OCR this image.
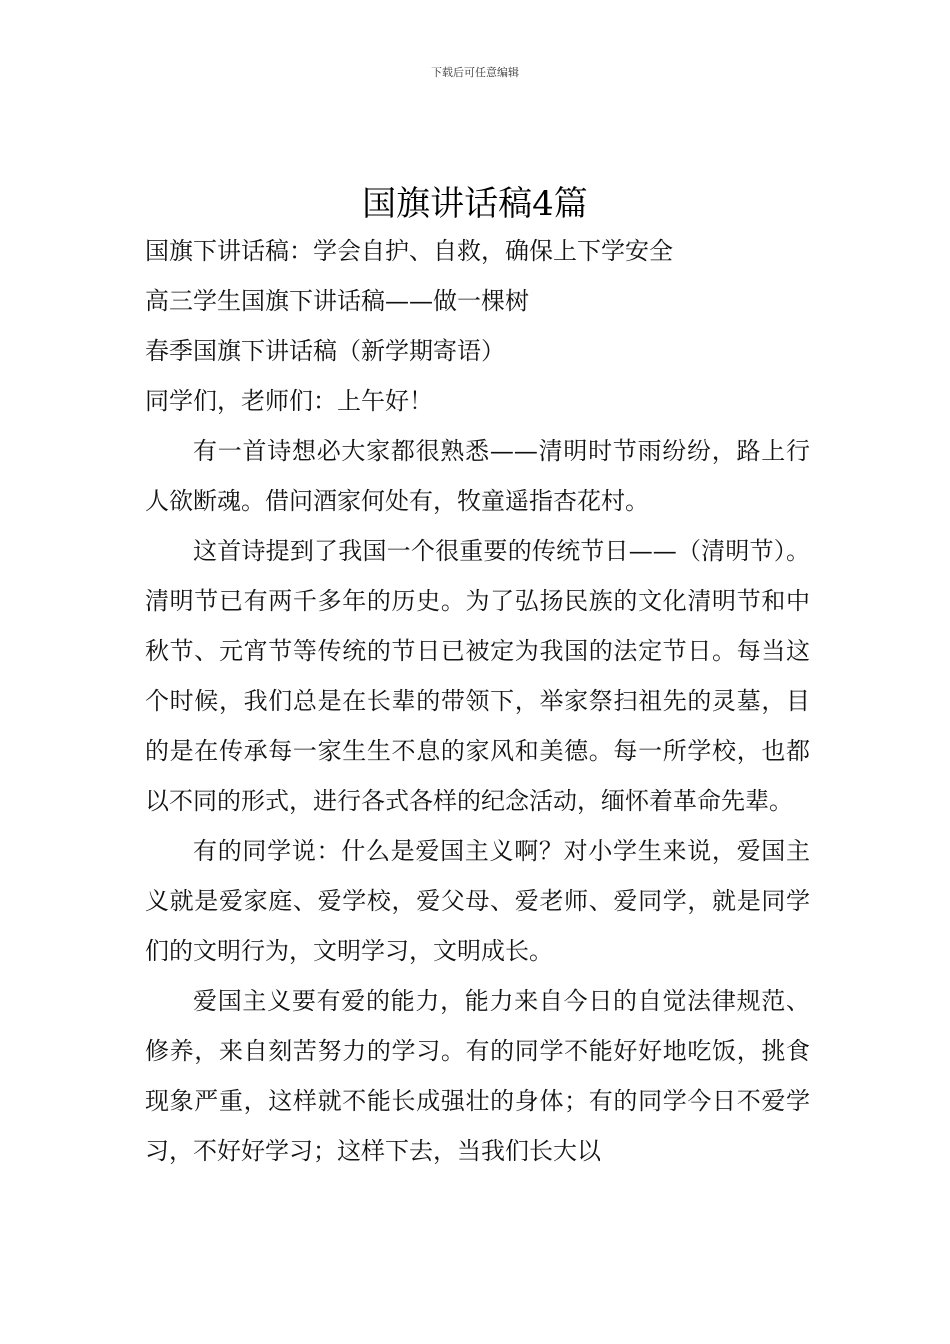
下载后可任意编辑
国旗讲话稿4篇

国旗下讲话稿：学会自护、自救，确保上下学安全

高三学生国旗下讲话稿——做一棵树

春季国旗下讲话稿（新学期寄语）

同学们，老师们：上午好！

有一首诗想必大家都很熟悉——清明时节雨纷纷，路上行人欲断魂。借问酒家何处有，牧童遥指杏花村。

这首诗提到了我国一个很重要的传统节日——（清明节）。清明节已有两千多年的历史。为了弘扬民族的文化清明节和中秋节、元宵节等传统的节日已被定为我国的法定节日。每当这个时候，我们总是在长辈的带领下，举家祭扫祖先的灵墓，目的是在传承每一家生生不息的家风和美德。每一所学校，也都以不同的形式，进行各式各样的纪念活动，缅怀着革命先辈。

有的同学说：什么是爱国主义啊？对小学生来说，爱国主义就是爱家庭、爱学校，爱父母、爱老师、爱同学，就是同学们的文明行为，文明学习，文明成长。

爱国主义要有爱的能力，能力来自今日的自觉法律规范、修养，来自刻苦努力的学习。有的同学不能好好地吃饭，挑食现象严重，这样就不能长成强壮的身体；有的同学今日不爱学习，不好好学习；这样下去，当我们长大以
